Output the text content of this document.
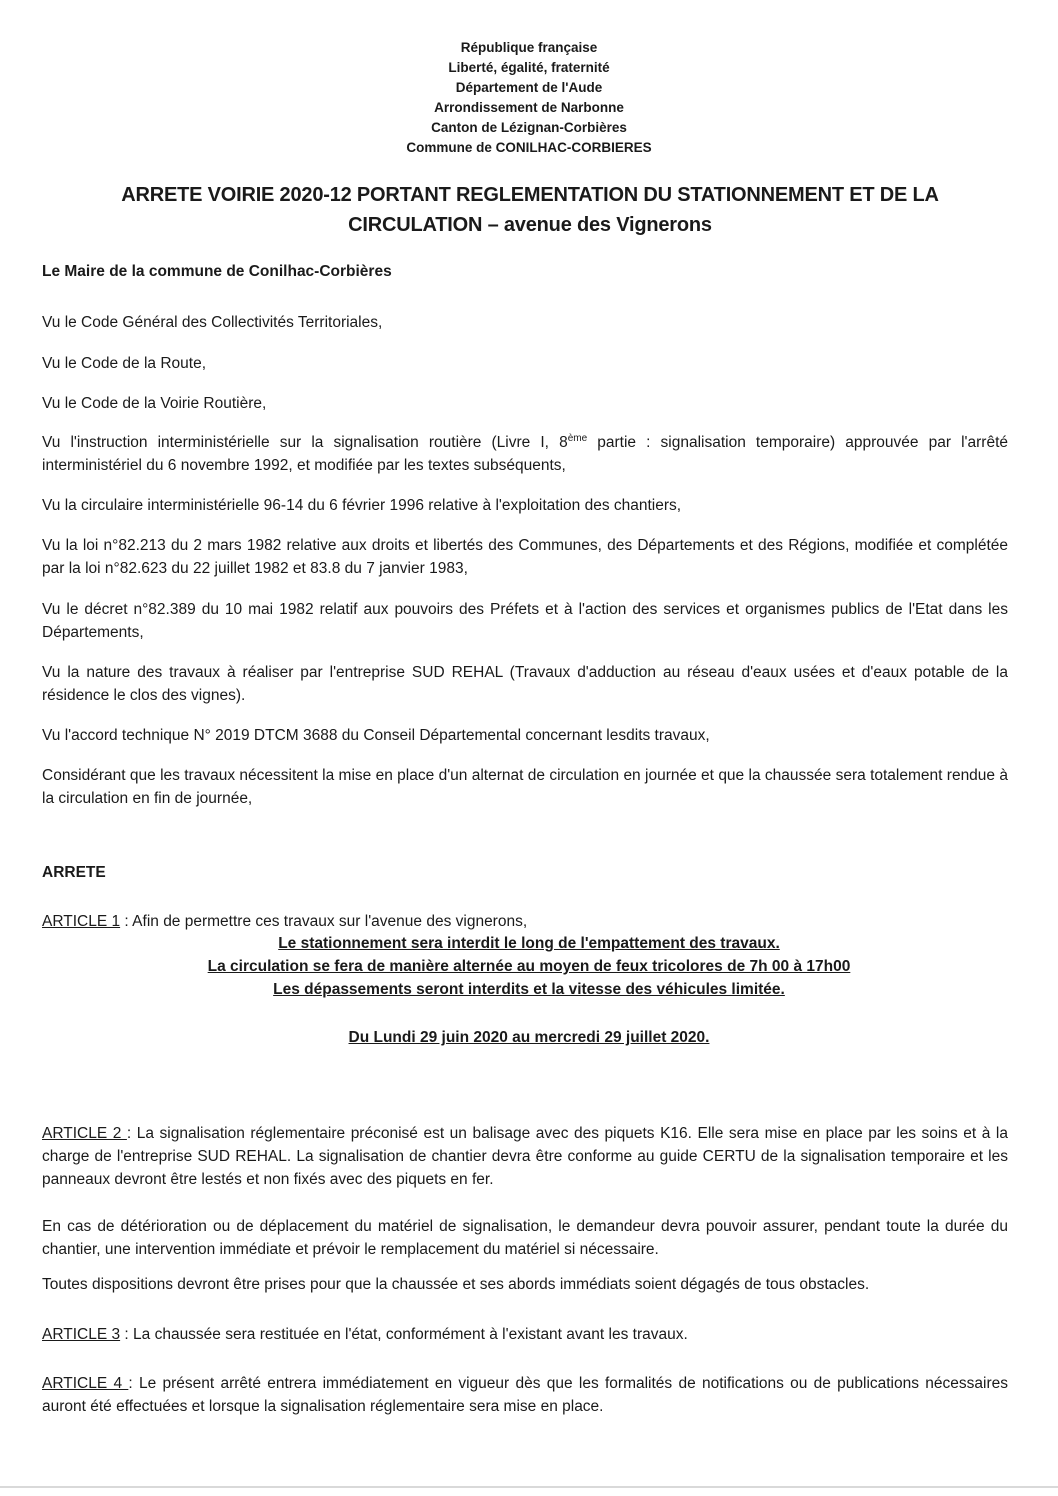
République française
Liberté, égalité, fraternité
Département de l'Aude
Arrondissement de Narbonne
Canton de Lézignan-Corbières
Commune de CONILHAC-CORBIERES
ARRETE VOIRIE 2020-12 PORTANT REGLEMENTATION DU STATIONNEMENT ET DE LA
CIRCULATION – avenue des Vignerons

Le Maire de la commune de Conilhac-Corbières

Vu le Code Général des Collectivités Territoriales,

Vu le Code de la Route,

Vu le Code de la Voirie Routière,

Vu l'instruction interministérielle sur la signalisation routière (Livre I, 8ème partie : signalisation temporaire) approuvée par l'arrêté interministériel du 6 novembre 1992, et modifiée par les textes subséquents,

Vu la circulaire interministérielle 96-14 du 6 février 1996 relative à l'exploitation des chantiers,

Vu la loi n°82.213 du 2 mars 1982 relative aux droits et libertés des Communes, des Départements et des Régions, modifiée et complétée par la loi n°82.623 du 22 juillet 1982 et 83.8 du 7 janvier 1983,

Vu le décret n°82.389 du 10 mai 1982 relatif aux pouvoirs des Préfets et à l'action des services et organismes publics de l'Etat dans les Départements,

Vu la nature des travaux à réaliser par l'entreprise SUD REHAL (Travaux d'adduction au réseau d'eaux usées et d'eaux potable de la résidence le clos des vignes).

Vu l'accord technique N° 2019 DTCM 3688 du Conseil Départemental concernant lesdits travaux,

Considérant que les travaux nécessitent la mise en place d'un alternat de circulation en journée et que la chaussée sera totalement rendue à la circulation en fin de journée,

ARRETE

ARTICLE 1 : Afin de permettre ces travaux sur l'avenue des vignerons,

Le stationnement sera interdit le long de l'empattement des travaux.
La circulation se fera de manière alternée au moyen de feux tricolores de 7h 00 à 17h00
Les dépassements seront interdits et la vitesse des véhicules limitée.
Du Lundi 29 juin 2020 au mercredi 29 juillet 2020.

ARTICLE 2 : La signalisation réglementaire préconisé est un balisage avec des piquets K16. Elle sera mise en place par les soins et à la charge de l'entreprise SUD REHAL. La signalisation de chantier devra être conforme au guide CERTU de la signalisation temporaire et les panneaux devront être lestés et non fixés avec des piquets en fer.

En cas de détérioration ou de déplacement du matériel de signalisation, le demandeur devra pouvoir assurer, pendant toute la durée du chantier, une intervention immédiate et prévoir le remplacement du matériel si nécessaire.

Toutes dispositions devront être prises pour que la chaussée et ses abords immédiats soient dégagés de tous obstacles.

ARTICLE 3 : La chaussée sera restituée en l'état, conformément à l'existant avant les travaux.

ARTICLE 4 : Le présent arrêté entrera immédiatement en vigueur dès que les formalités de notifications ou de publications nécessaires auront été effectuées et lorsque la signalisation réglementaire sera mise en place.
